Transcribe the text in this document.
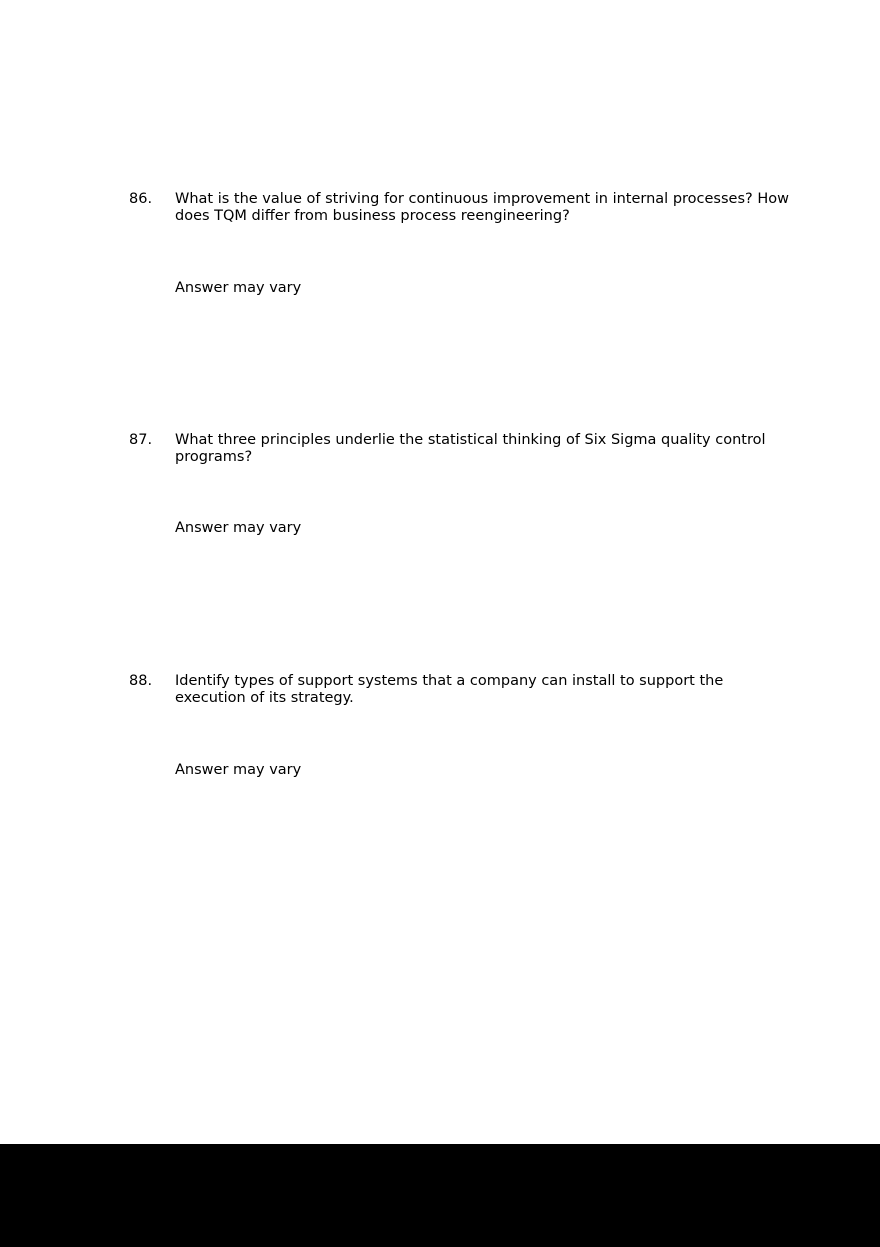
86.	What is the value of striving for continuous improvement in internal processes? How does TQM differ from business process reengineering?
Answer may vary
87.	What three principles underlie the statistical thinking of Six Sigma quality control programs?
Answer may vary
88.	Identify types of support systems that a company can install to support the execution of its strategy.
Answer may vary
